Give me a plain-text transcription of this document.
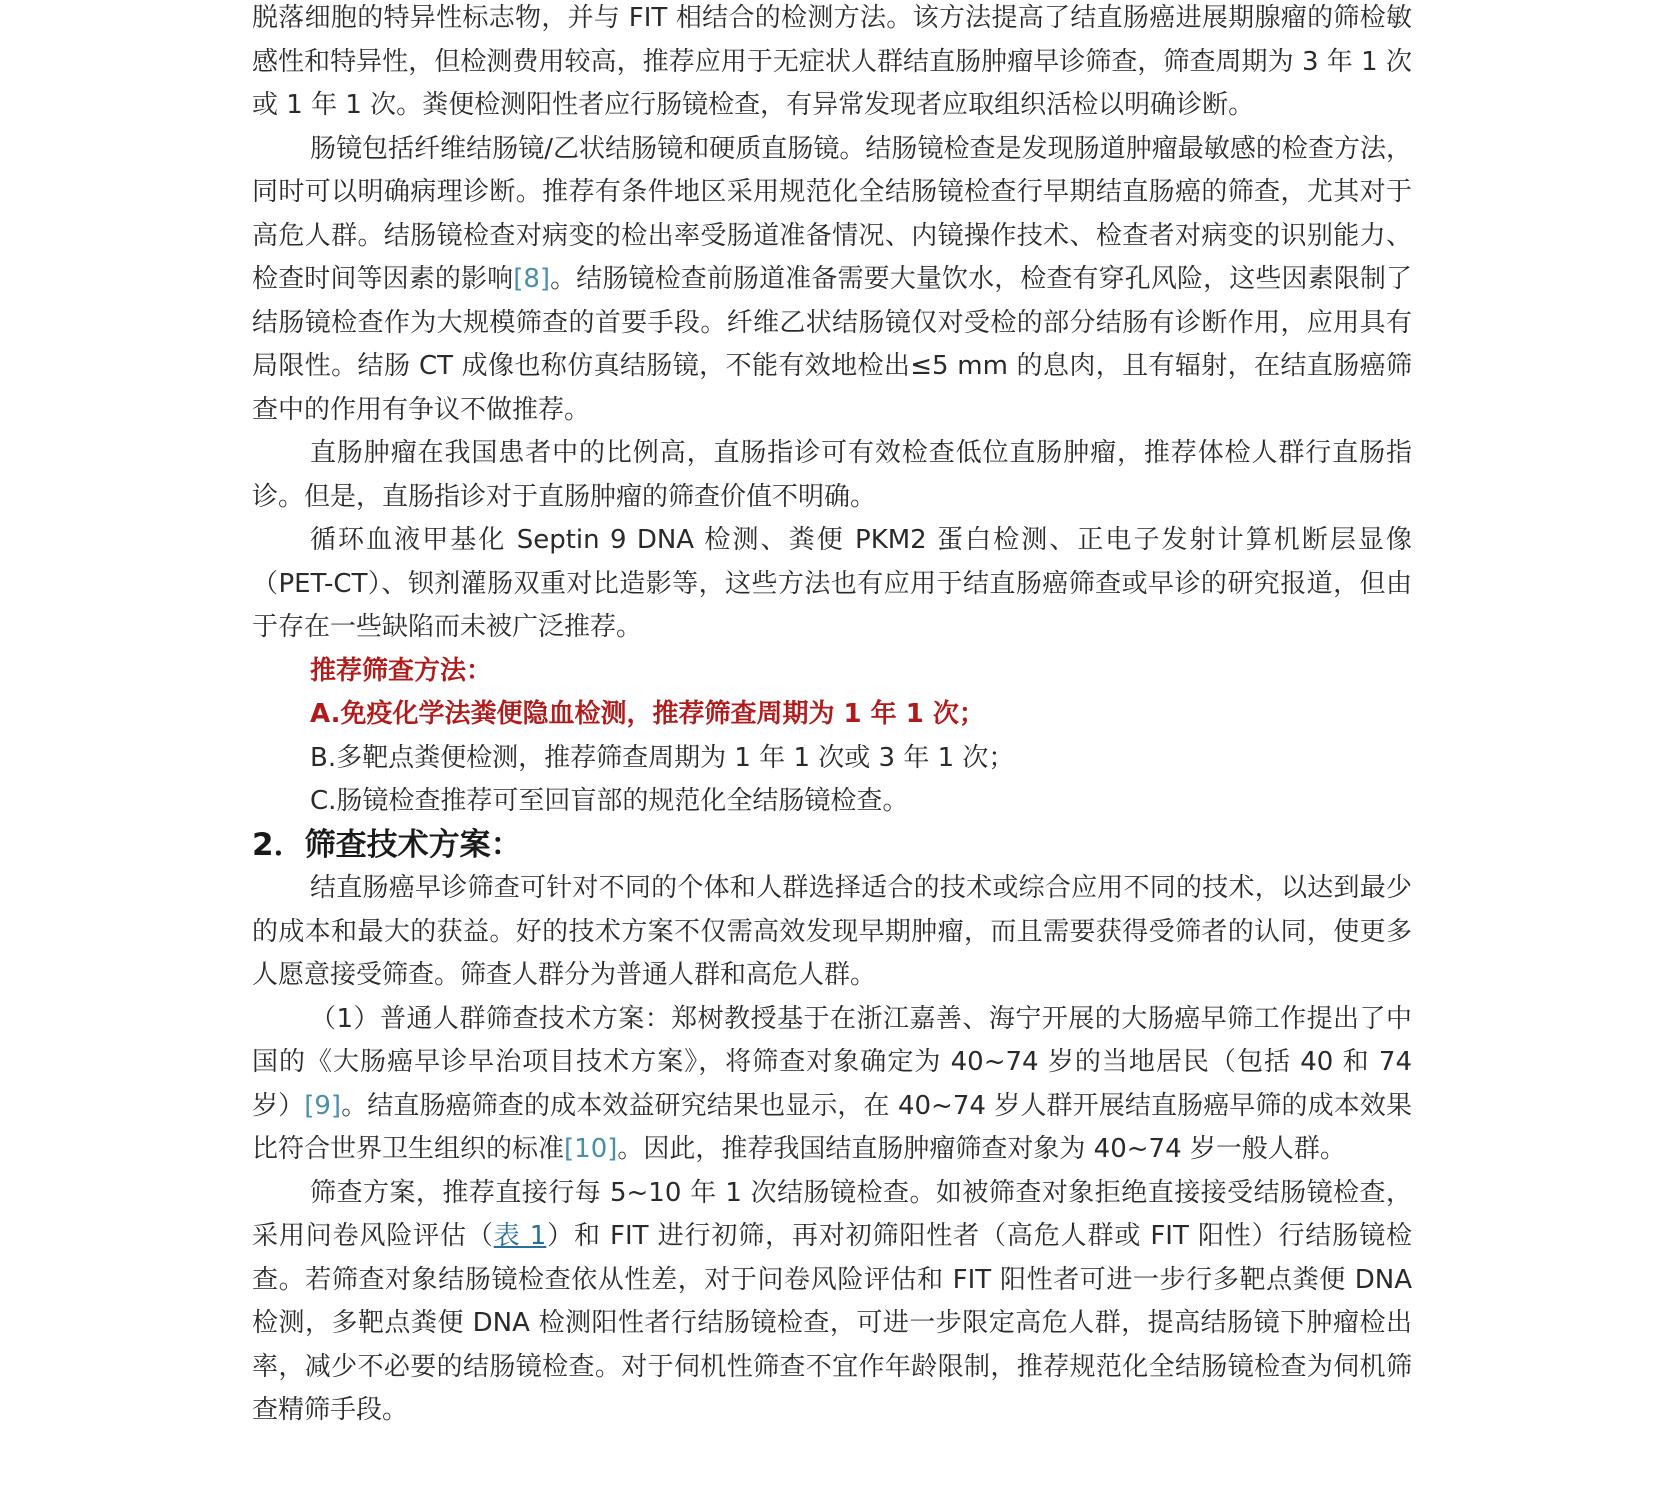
脱落细胞的特异性标志物，并与 FIT 相结合的检测方法。该方法提高了结直肠癌进展期腺瘤的筛检敏感性和特异性，但检测费用较高，推荐应用于无症状人群结直肠肿瘤早诊筛查，筛查周期为 3 年 1 次或 1 年 1 次。粪便检测阳性者应行肠镜检查，有异常发现者应取组织活检以明确诊断。

肠镜包括纤维结肠镜/乙状结肠镜和硬质直肠镜。结肠镜检查是发现肠道肿瘤最敏感的检查方法，同时可以明确病理诊断。推荐有条件地区采用规范化全结肠镜检查行早期结直肠癌的筛查，尤其对于高危人群。结肠镜检查对病变的检出率受肠道准备情况、内镜操作技术、检查者对病变的识别能力、检查时间等因素的影响[8]。结肠镜检查前肠道准备需要大量饮水，检查有穿孔风险，这些因素限制了结肠镜检查作为大规模筛查的首要手段。纤维乙状结肠镜仅对受检的部分结肠有诊断作用，应用具有局限性。结肠 CT 成像也称仿真结肠镜，不能有效地检出≤5 mm 的息肉，且有辐射，在结直肠癌筛查中的作用有争议不做推荐。

直肠肿瘤在我国患者中的比例高，直肠指诊可有效检查低位直肠肿瘤，推荐体检人群行直肠指诊。但是，直肠指诊对于直肠肿瘤的筛查价值不明确。

循环血液甲基化 Septin 9 DNA 检测、粪便 PKM2 蛋白检测、正电子发射计算机断层显像（PET-CT）、钡剂灌肠双重对比造影等，这些方法也有应用于结直肠癌筛查或早诊的研究报道，但由于存在一些缺陷而未被广泛推荐。

推荐筛查方法：

A.免疫化学法粪便隐血检测，推荐筛查周期为 1 年 1 次；

B.多靶点粪便检测，推荐筛查周期为 1 年 1 次或 3 年 1 次；

C.肠镜检查推荐可至回盲部的规范化全结肠镜检查。

2．筛查技术方案：

结直肠癌早诊筛查可针对不同的个体和人群选择适合的技术或综合应用不同的技术，以达到最少的成本和最大的获益。好的技术方案不仅需高效发现早期肿瘤，而且需要获得受筛者的认同，使更多人愿意接受筛查。筛查人群分为普通人群和高危人群。

（1）普通人群筛查技术方案：郑树教授基于在浙江嘉善、海宁开展的大肠癌早筛工作提出了中国的《大肠癌早诊早治项目技术方案》，将筛查对象确定为 40~74 岁的当地居民（包括 40 和 74 岁）[9]。结直肠癌筛查的成本效益研究结果也显示，在 40~74 岁人群开展结直肠癌早筛的成本效果比符合世界卫生组织的标准[10]。因此，推荐我国结直肠肿瘤筛查对象为 40~74 岁一般人群。

筛查方案，推荐直接行每 5~10 年 1 次结肠镜检查。如被筛查对象拒绝直接接受结肠镜检查，采用问卷风险评估（表 1）和 FIT 进行初筛，再对初筛阳性者（高危人群或 FIT 阳性）行结肠镜检查。若筛查对象结肠镜检查依从性差，对于问卷风险评估和 FIT 阳性者可进一步行多靶点粪便 DNA 检测，多靶点粪便 DNA 检测阳性者行结肠镜检查，可进一步限定高危人群，提高结肠镜下肿瘤检出率，减少不必要的结肠镜检查。对于伺机性筛查不宜作年龄限制，推荐规范化全结肠镜检查为伺机筛查精筛手段。
